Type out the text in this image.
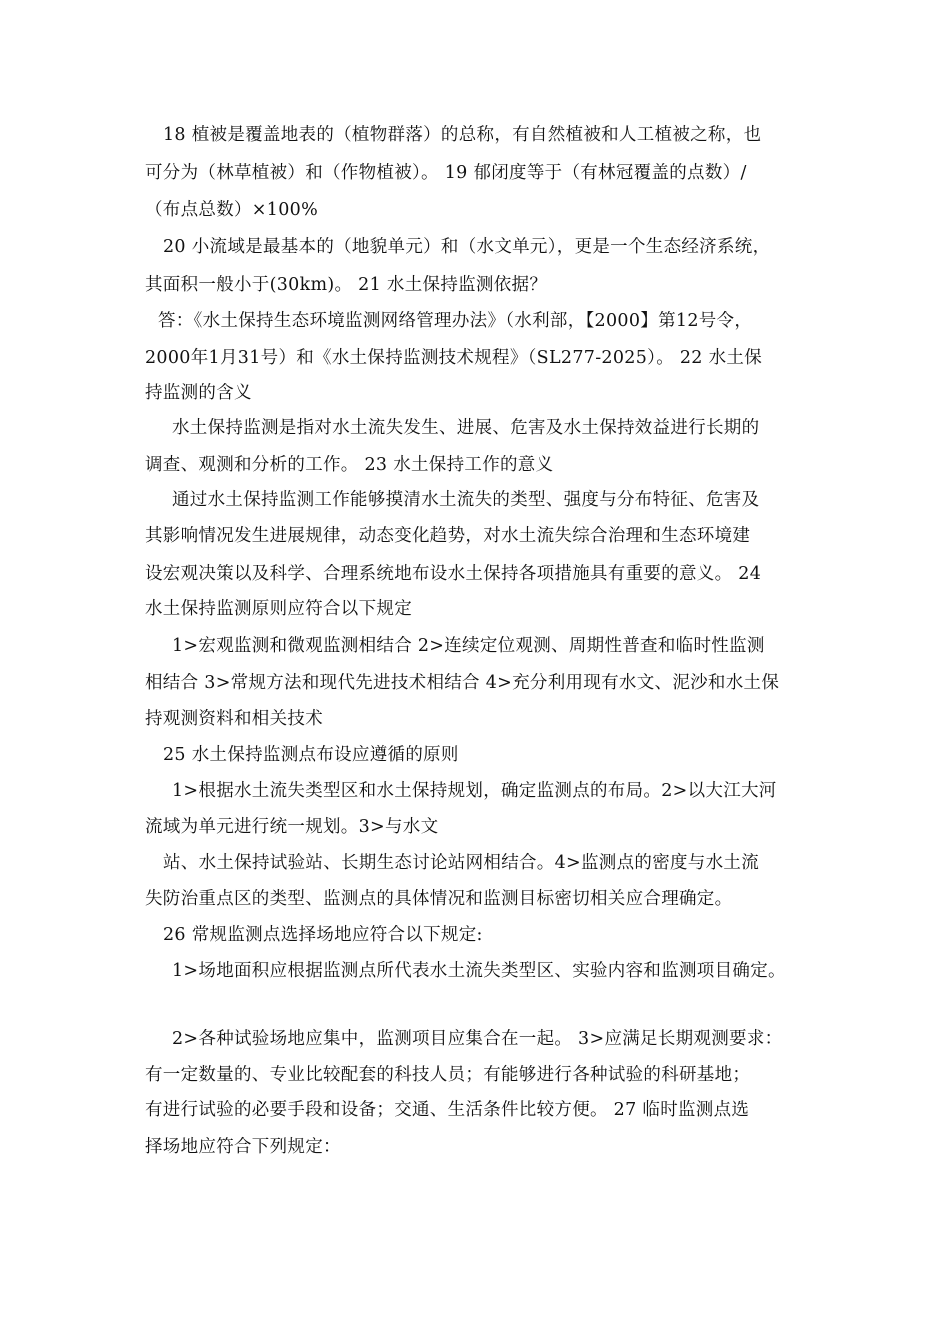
18 植被是覆盖地表的（植物群落）的总称，有自然植被和人工植被之称，也
可分为（林草植被）和（作物植被）。 19 郁闭度等于（有林冠覆盖的点数）/
（布点总数）×100%
20 小流域是最基本的（地貌单元）和（水文单元），更是一个生态经济系统，
其面积一般小于(30km)。 21 水土保持监测依据？
答：《水土保持生态环境监测网络管理办法》（水利部，【2000】第12号令，
2000年1月31号）和《水土保持监测技术规程》（SL277-2025）。 22 水土保
持监测的含义
水土保持监测是指对水土流失发生、进展、危害及水土保持效益进行长期的
调查、观测和分析的工作。 23 水土保持工作的意义
通过水土保持监测工作能够摸清水土流失的类型、强度与分布特征、危害及
其影响情况发生进展规律，动态变化趋势，对水土流失综合治理和生态环境建
设宏观决策以及科学、合理系统地布设水土保持各项措施具有重要的意义。 24
水土保持监测原则应符合以下规定
1>宏观监测和微观监测相结合 2>连续定位观测、周期性普查和临时性监测
相结合 3>常规方法和现代先进技术相结合 4>充分利用现有水文、泥沙和水土保
持观测资料和相关技术
25 水土保持监测点布设应遵循的原则
1>根据水土流失类型区和水土保持规划，确定监测点的布局。2>以大江大河
流域为单元进行统一规划。3>与水文
站、水土保持试验站、长期生态讨论站网相结合。4>监测点的密度与水土流
失防治重点区的类型、监测点的具体情况和监测目标密切相关应合理确定。
26 常规监测点选择场地应符合以下规定:
1>场地面积应根据监测点所代表水土流失类型区、实验内容和监测项目确定。
2>各种试验场地应集中，监测项目应集合在一起。 3>应满足长期观测要求：
有一定数量的、专业比较配套的科技人员；有能够进行各种试验的科研基地；
有进行试验的必要手段和设备；交通、生活条件比较方便。 27 临时监测点选
择场地应符合下列规定：
